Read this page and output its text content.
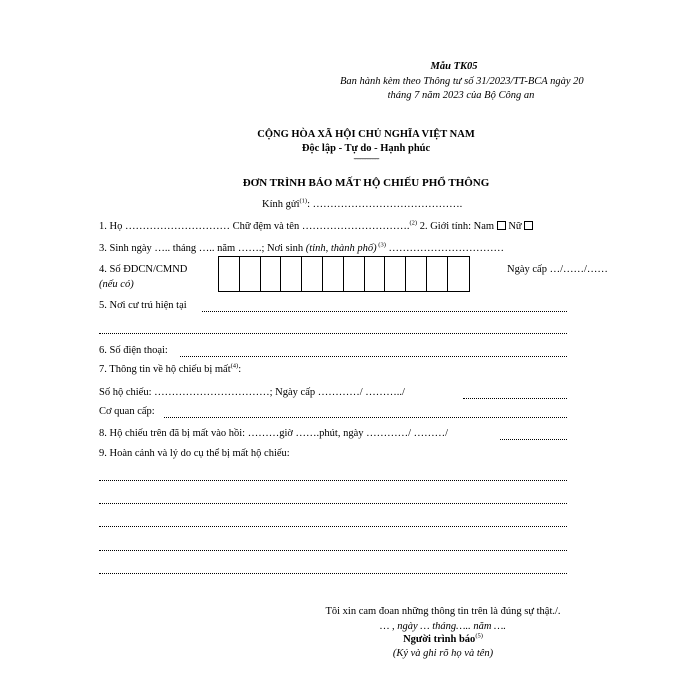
Mẫu TK05
Ban hành kèm theo Thông tư số 31/2023/TT-BCA ngày 20
tháng 7 năm 2023 của Bộ Công an
CỘNG HÒA XÃ HỘI CHỦ NGHĨA VIỆT NAM
Độc lập - Tự do - Hạnh phúc
---------------
ĐƠN TRÌNH BÁO MẤT HỘ CHIẾU PHỔ THÔNG
Kính gửi$^{(1)}$: …………………………………….
1. Họ ………………………… Chữ đệm và tên ………………………….$^{(2)}$ 2. Giới tính: Nam  Nữ
3. Sinh ngày ….. tháng ….. năm …….; Nơi sinh (tỉnh, thành phố) $^{(3)}$ ……………………………
4. Số ĐDCN/CMND
(nếu có)
Ngày cấp …/……/……
5. Nơi cư trú hiện tại
6. Số điện thoại:
7. Thông tin về hộ chiếu bị mất$^{(4)}$:
Số hộ chiếu: ……………………………; Ngày cấp …………/ ………../
Cơ quan cấp:
8. Hộ chiếu trên đã bị mất vào hồi: ………giờ …….phút, ngày …………/ ………/
9. Hoàn cảnh và lý do cụ thể bị mất hộ chiếu:
Tôi xin cam đoan những thông tin trên là đúng sự thật./.
… , ngày … tháng….. năm ….
Người trình báo$^{(5)}$
(Ký và ghi rõ họ và tên)
